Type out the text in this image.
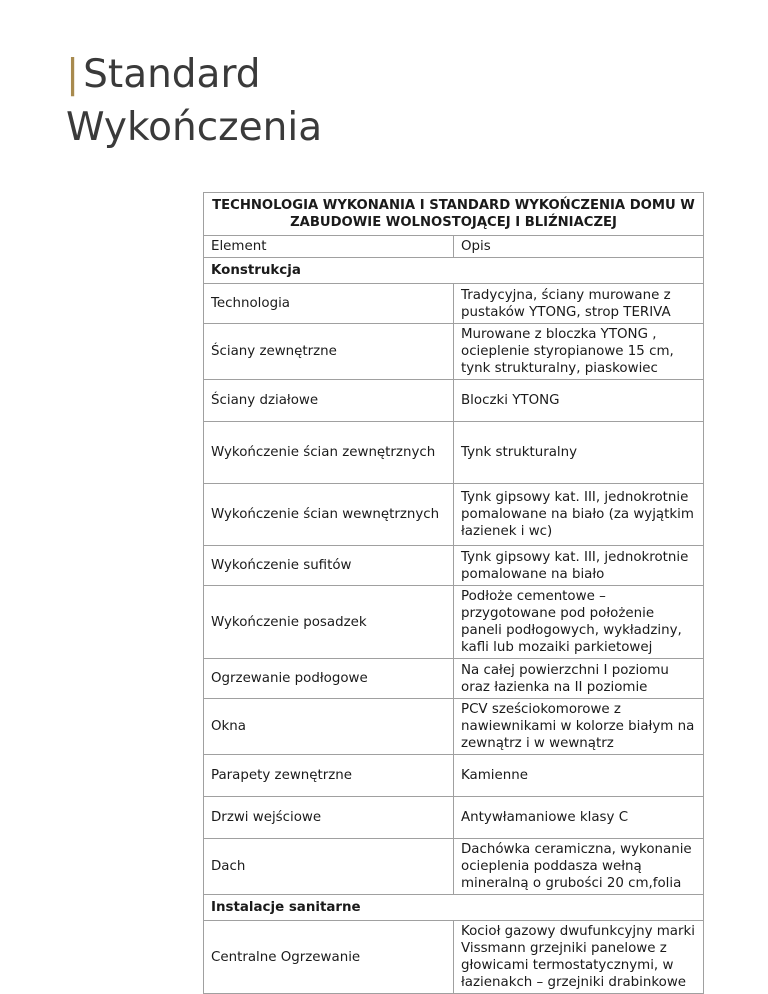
| Standard
Wykończenia
TECHNOLOGIA WYKONANIA I STANDARD WYKOŃCZENIA DOMU W ZABUDOWIE WOLNOSTOJĄCEJ I BLIŹNIACZEJ	
Element	Opis
Konstrukcja	
Technologia	Tradycyjna, ściany murowane z pustaków YTONG, strop TERIVA
Ściany zewnętrzne	Murowane z bloczka YTONG , ocieplenie styropianowe 15 cm, tynk strukturalny, piaskowiec
Ściany działowe	Bloczki YTONG
Wykończenie ścian zewnętrznych	Tynk strukturalny
Wykończenie ścian wewnętrznych	Tynk gipsowy kat. III, jednokrotnie pomalowane na biało (za wyjątkim łazienek i wc)
Wykończenie sufitów	Tynk gipsowy kat. III, jednokrotnie pomalowane na biało
Wykończenie posadzek	Podłoże cementowe – przygotowane pod położenie paneli podłogowych, wykładziny, kafli lub mozaiki parkietowej
Ogrzewanie podłogowe	Na całej powierzchni I poziomu oraz łazienka na II poziomie
Okna	PCV sześciokomorowe z nawiewnikami w kolorze białym na zewnątrz i w wewnątrz
Parapety zewnętrzne	Kamienne
Drzwi wejściowe	Antywłamaniowe klasy C
Dach	Dachówka ceramiczna, wykonanie ocieplenia poddasza wełną mineralną o grubości 20 cm,folia
Instalacje sanitarne	
Centralne Ogrzewanie	Kocioł gazowy dwufunkcyjny marki Vissmann grzejniki panelowe z głowicami termostatycznymi, w łazienakch – grzejniki drabinkowe
